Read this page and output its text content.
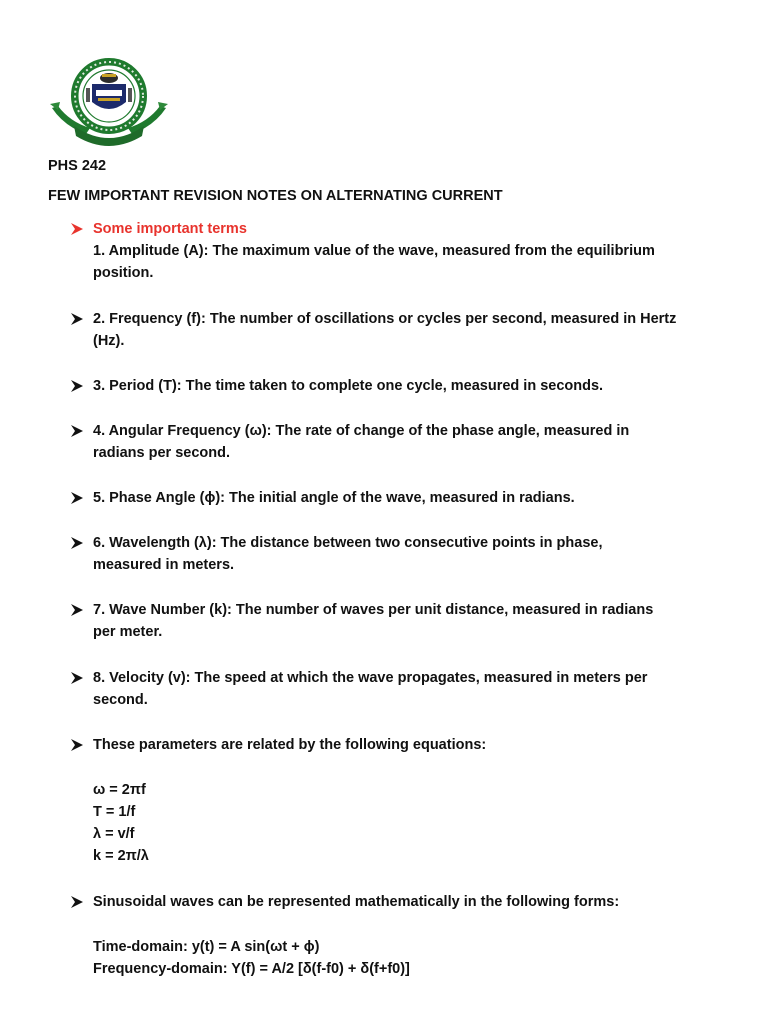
PHS 242
FEW IMPORTANT REVISION NOTES ON ALTERNATING CURRENT
Some important terms
1. Amplitude (A): The maximum value of the wave, measured from the equilibrium
position.
2. Frequency (f): The number of oscillations or cycles per second, measured in Hertz
(Hz).
3. Period (T): The time taken to complete one cycle, measured in seconds.
4. Angular Frequency (ω): The rate of change of the phase angle, measured in
radians per second.
5. Phase Angle (ϕ): The initial angle of the wave, measured in radians.
6. Wavelength (λ): The distance between two consecutive points in phase,
measured in meters.
7. Wave Number (k): The number of waves per unit distance, measured in radians
per meter.
8. Velocity (v): The speed at which the wave propagates, measured in meters per
second.
These parameters are related by the following equations:
ω = 2πf
T = 1/f
λ = v/f
k = 2π/λ
Sinusoidal waves can be represented mathematically in the following forms:
Time-domain: y(t) = A sin(ωt + ϕ)
Frequency-domain: Y(f) = A/2 [δ(f-f0) + δ(f+f0)]
